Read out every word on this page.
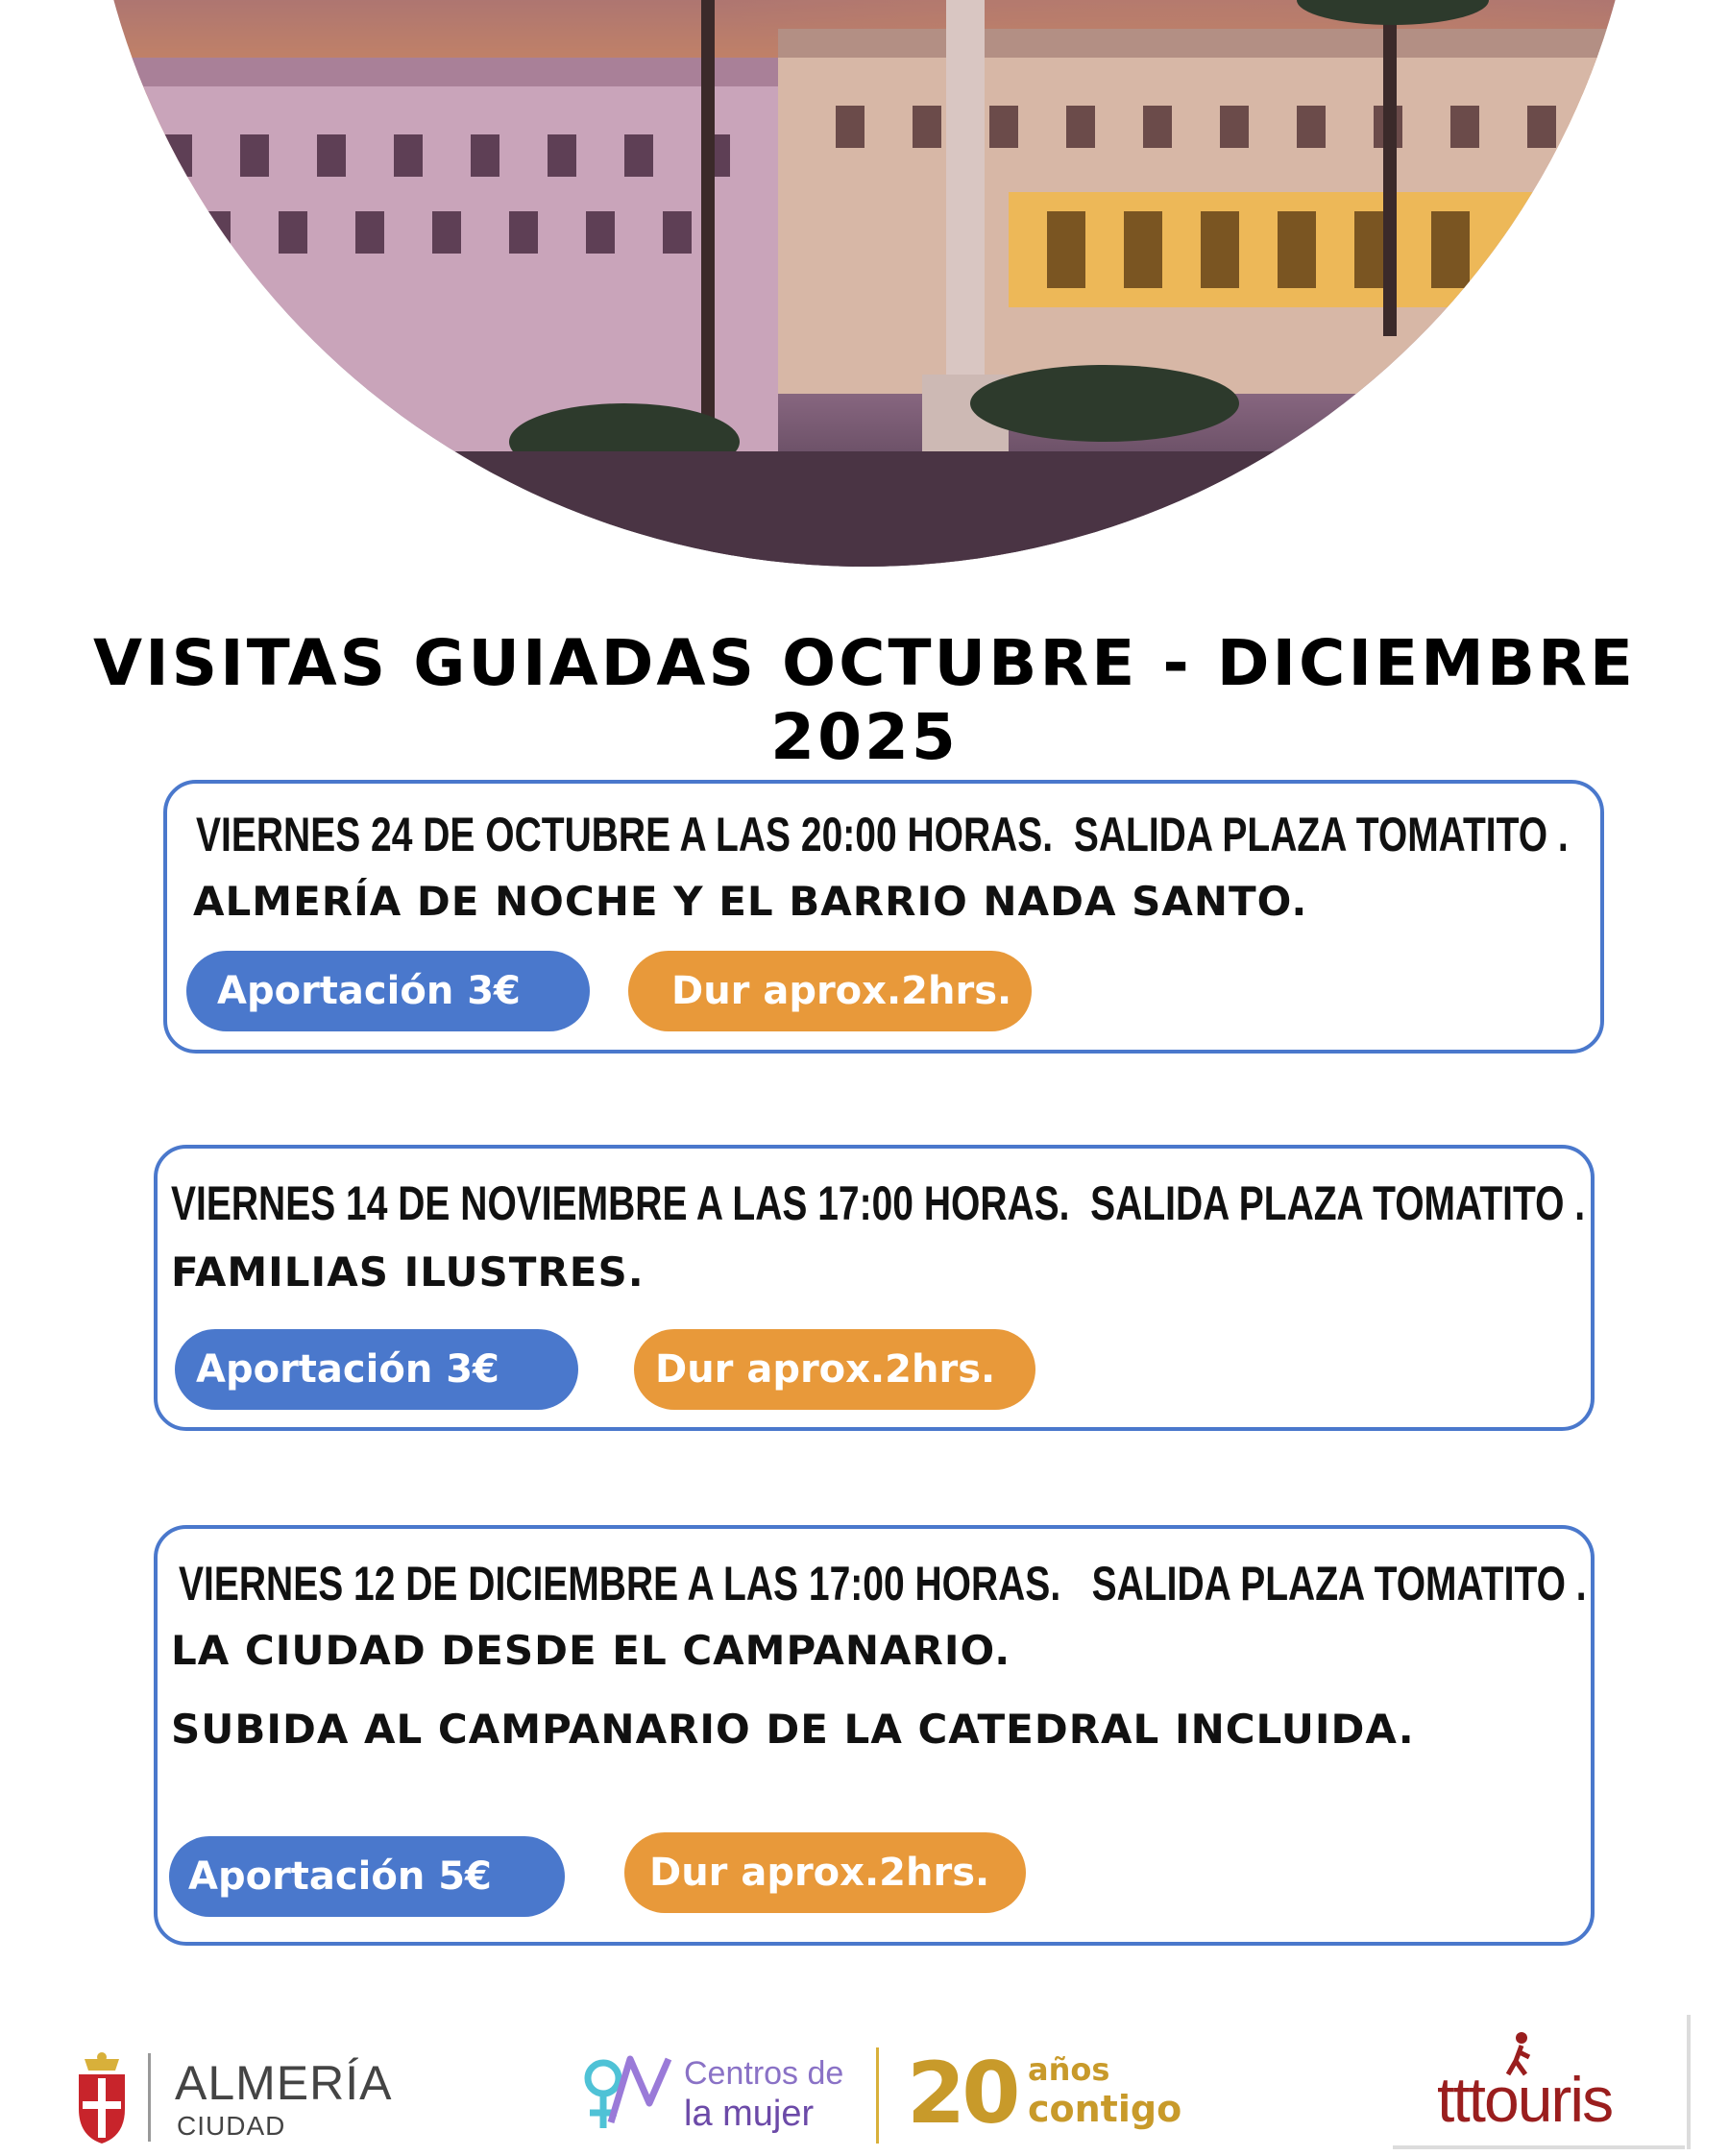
VISITAS GUIADAS OCTUBRE - DICIEMBRE 2025
VIERNES 24 DE OCTUBRE A LAS 20:00 HORAS.  SALIDA PLAZA TOMATITO .
ALMERÍA DE NOCHE Y EL BARRIO NADA SANTO.
Aportación 3€	Dur aprox.2hrs.
VIERNES 14 DE NOVIEMBRE A LAS 17:00 HORAS.  SALIDA PLAZA TOMATITO .
FAMILIAS ILUSTRES.
Aportación 3€	Dur aprox.2hrs.
VIERNES 12 DE DICIEMBRE A LAS 17:00 HORAS.   SALIDA PLAZA TOMATITO .
LA CIUDAD DESDE EL CAMPANARIO.
SUBIDA AL CAMPANARIO DE LA CATEDRAL INCLUIDA.
Aportación 5€	Dur aprox.2hrs.
ALMERÍA
CIUDAD
Centros de
la mujer 20 años
contigo	tttouris
